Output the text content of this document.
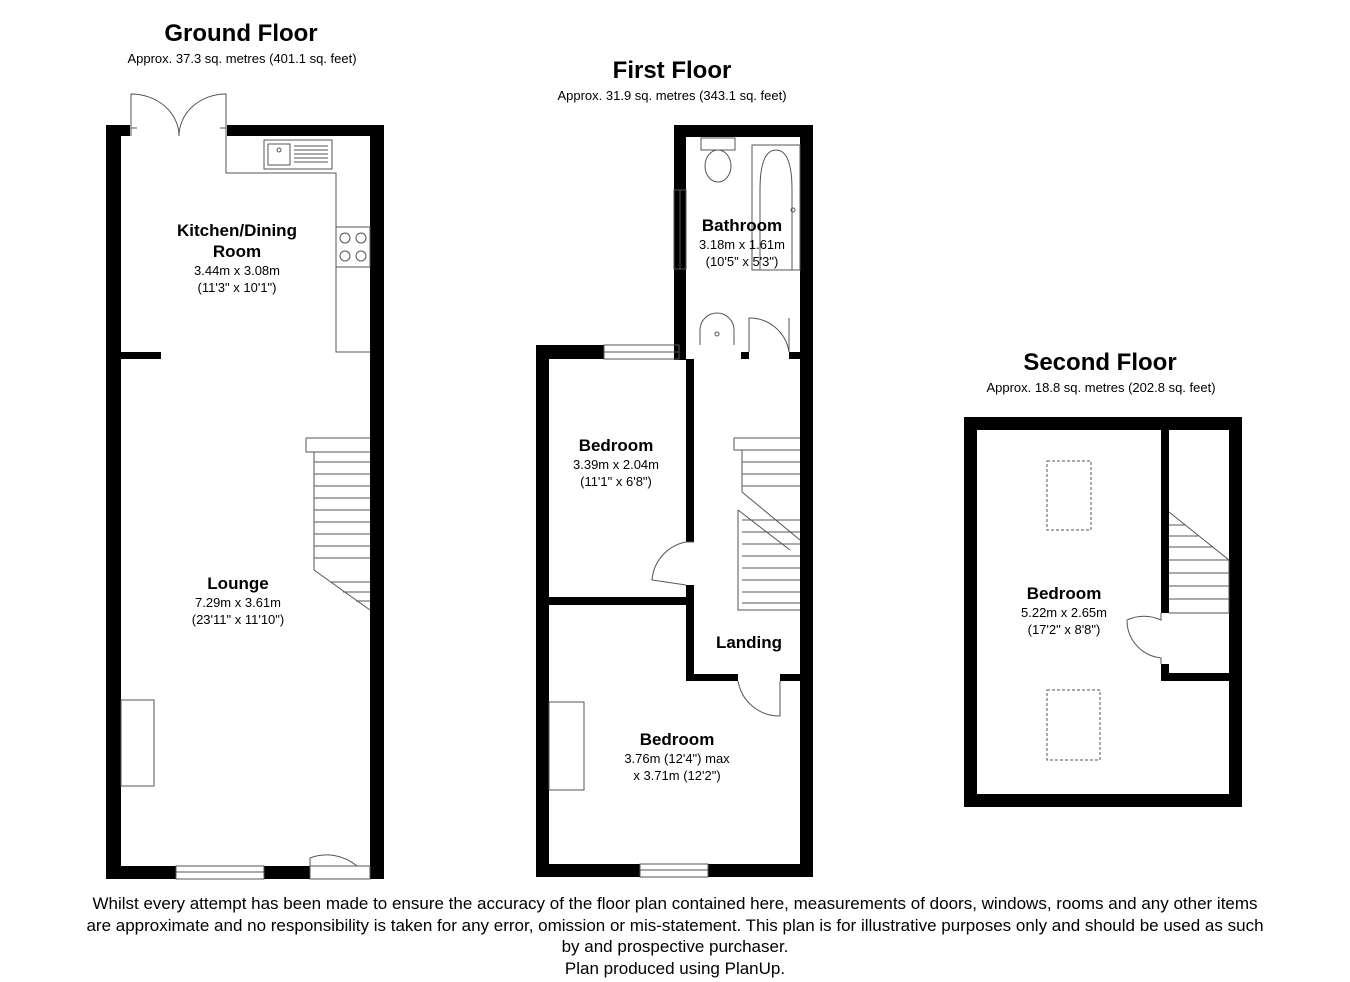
Ground Floor
Approx. 37.3 sq. metres (401.1 sq. feet)	First Floor
Approx. 31.9 sq. metres (343.1 sq. feet)
Second Floor
Approx. 18.8 sq. metres (202.8 sq. feet)
Kitchen/Dining
Room
3.44m x 3.08m
(11'3" x 10'1")
Lounge
7.29m x 3.61m
(23'11" x 11'10")
Bathroom
3.18m x 1.61m
(10'5" x 5'3")
Bedroom
3.39m x 2.04m
(11'1" x 6'8")
Landing
Bedroom
3.76m (12'4") max
x 3.71m (12'2")
Bedroom
5.22m x 2.65m
(17'2" x 8'8")
Whilst every attempt has been made to ensure the accuracy of the floor plan contained here, measurements of doors, windows, rooms and any other items
are approximate and no responsibility is taken for any error, omission or mis-statement. This plan is for illustrative purposes only and should be used as such
by and prospective purchaser.
Plan produced using PlanUp.
